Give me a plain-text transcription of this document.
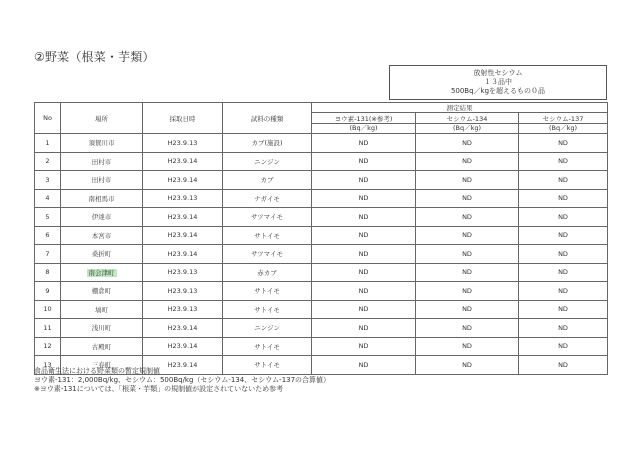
②野菜（根菜・芋類）
放射性セシウム
１３品中
500Bq／kgを超えるもの０品
No	場所	採取日時	試料の種類	測定結果		
				ヨウ素-131(※参考)	セシウム-134	セシウム-137
				(Bq／kg)	(Bq／kg)	(Bq／kg)
1	須賀川市	H23.9.13	カブ(施設)	ND	ND	ND
2	田村市	H23.9.14	ニンジン	ND	ND	ND
3	田村市	H23.9.14	カブ	ND	ND	ND
4	南相馬市	H23.9.13	ナガイモ	ND	ND	ND
5	伊達市	H23.9.14	サツマイモ	ND	ND	ND
6	本宮市	H23.9.14	サトイモ	ND	ND	ND
7	桑折町	H23.9.14	サツマイモ	ND	ND	ND
8	南会津町	H23.9.13	赤カブ	ND	ND	ND
9	棚倉町	H23.9.13	サトイモ	ND	ND	ND
10	塙町	H23.9.13	サトイモ	ND	ND	ND
11	浅川町	H23.9.14	ニンジン	ND	ND	ND
12	古殿町	H23.9.14	サトイモ	ND	ND	ND
13	三春町	H23.9.14	サトイモ	ND	ND	ND
食品衛生法における野菜類の暫定規制値
ヨウ素-131：2,000Bq/kg、セシウム：500Bq/kg（セシウム-134、セシウム-137の合算値）
※ヨウ素-131については、「根菜・芋類」の規制値が設定されていないため参考
